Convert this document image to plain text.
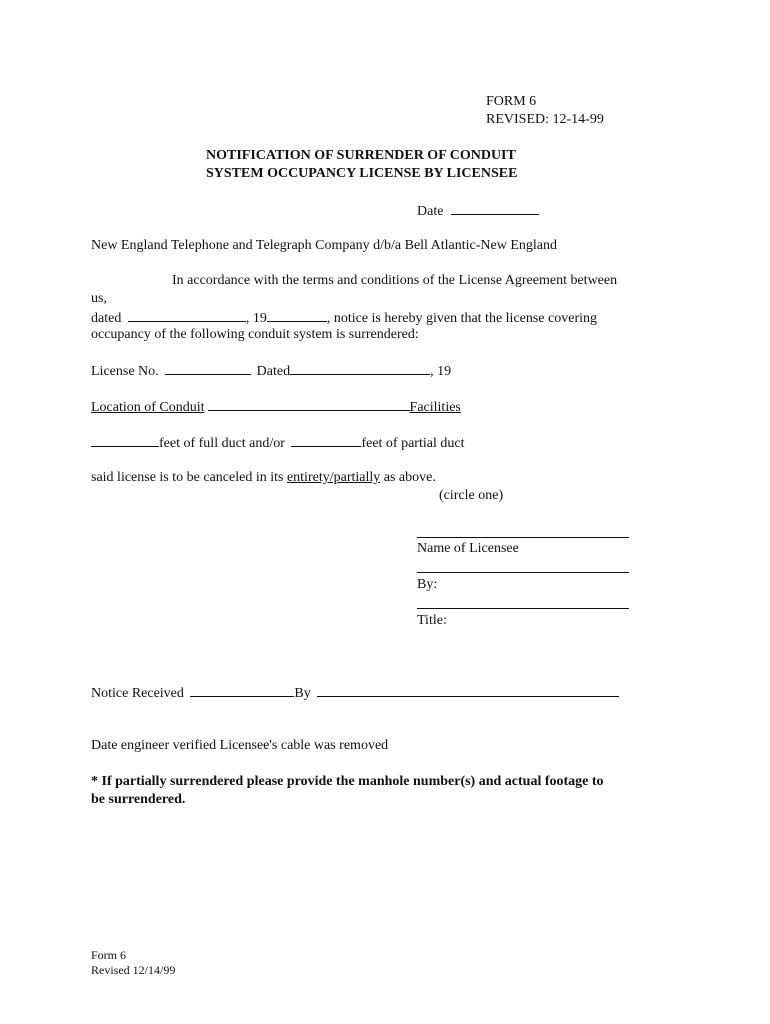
FORM 6
REVISED: 12-14-99
NOTIFICATION OF SURRENDER OF CONDUIT
SYSTEM OCCUPANCY LICENSE BY LICENSEE
Date
New England Telephone and Telegraph Company d/b/a Bell Atlantic-New England
In accordance with the terms and conditions of the License Agreement between
us,
dated	, 19	, notice is hereby given that the license covering
occupancy of the following conduit system is surrendered:
License No.	Dated	, 19
Location of Conduit	Facilities
feet of full duct and/or	feet of partial duct
said license is to be canceled in its entirety/partially as above.
(circle one)
Name of Licensee
By:
Title:
Notice Received	By
Date engineer verified Licensee's cable was removed
* If partially surrendered please provide the manhole number(s) and actual footage to
be surrendered.
Form 6
Revised 12/14/99
